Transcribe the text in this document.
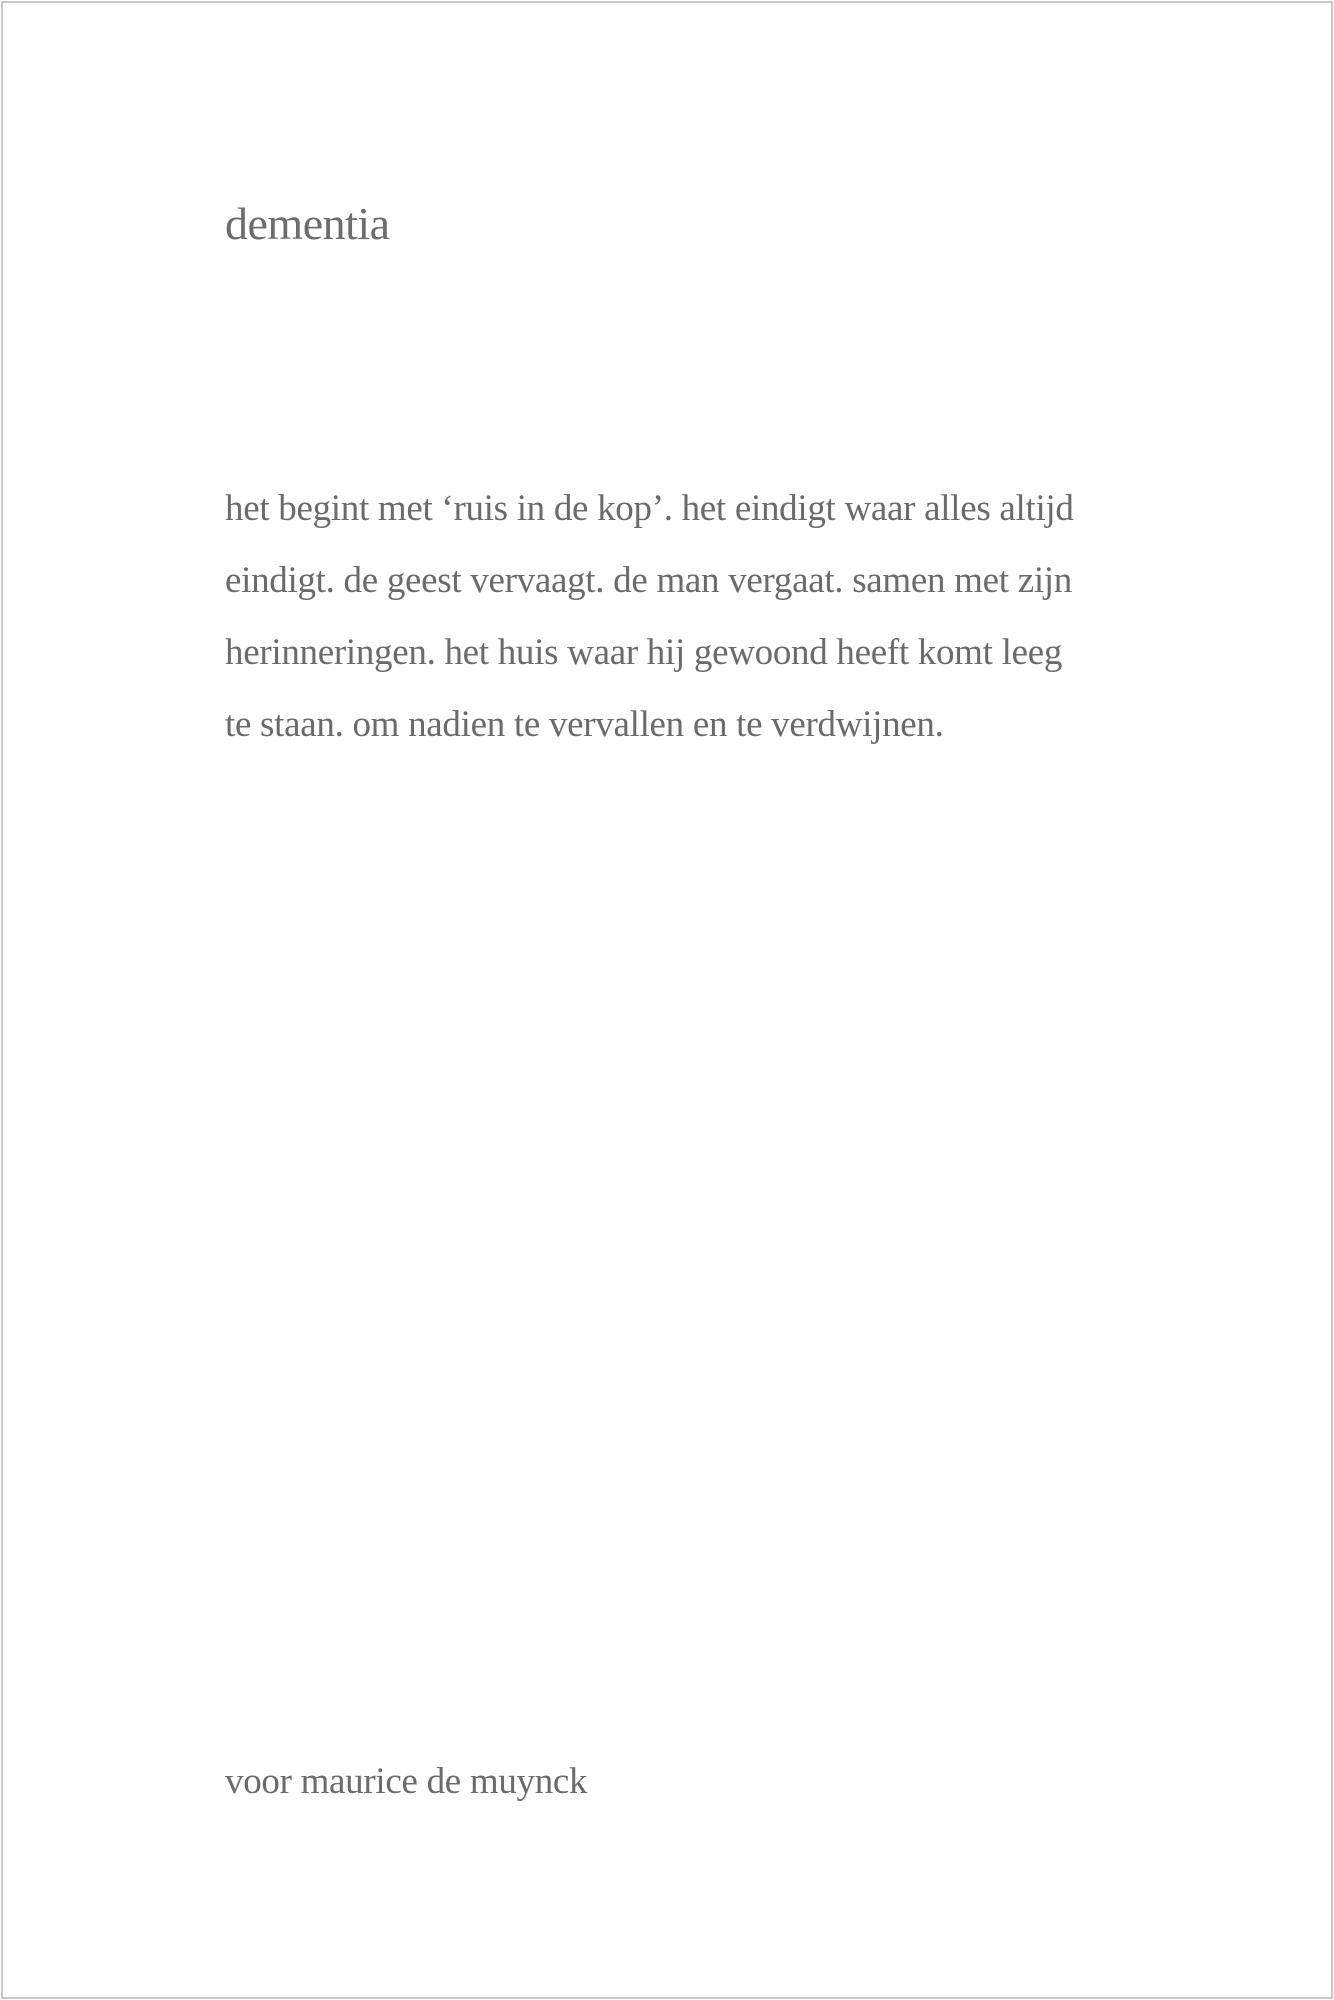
dementia

het begint met ‘ruis in de kop’. het eindigt waar alles altijd
eindigt. de geest vervaagt. de man vergaat. samen met zijn
herinneringen. het huis waar hij gewoond heeft komt leeg
te staan. om nadien te vervallen en te verdwijnen.

voor maurice de muynck
